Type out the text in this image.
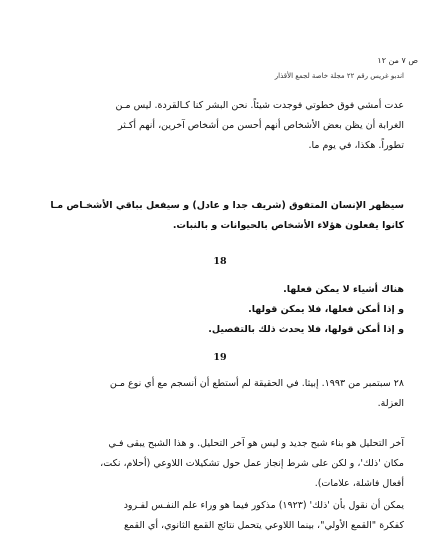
ص ٧ من ١٢
اندبو غريس رقم ٢٢ مجلة خاصة لجمع الأقذار
عدت أمشي فوق خطوتي فوجدت شيئاً. نحن البشر كنا كـالقردة. ليس مـن
الغرابة أن يظن بعض الأشخاص أنهم أحسن من أشخاص آخرين، أنهم أكـثر
تطوراً. هكذا، في يوم ما.
سيظهر الإنسان المتفوق (شريف جدا و عادل) و سيفعل بباقي الأشخـاص مـا
كانوا يفعلون هؤلاء الأشخاص بالحيوانات و بالنبات.
18
هناك أشياء لا يمكن فعلها.
و إذا أمكن فعلها، فلا يمكن قولها.
و إذا أمكن قولها، فلا يحدث ذلك بالتفصيل.
19
٢٨ سبتمبر من ١٩٩٣. إبيثا. في الحقيقة لم أستطع أن أنسجم مع أي نوع مـن
العزلة.
آخر التحليل هو بناء شبح جديد و ليس هو آخر التحليل. و هذا الشبح يبقى فـي
مكان 'ذلك'، و لكن على شرط إنجاز عمل حول تشكيلات اللاوعي (أحلام، نكت،
أفعال فاشلة، علامات).
يمكن أن نقول بأن 'ذلك' (١٩٢٣) مذكور فيما هو وراء علم النفـس لفـرود
كفكرة "القمع الأولي"، بينما اللاوعي يتحمل نتائج القمع الثانوي، أي القمع
